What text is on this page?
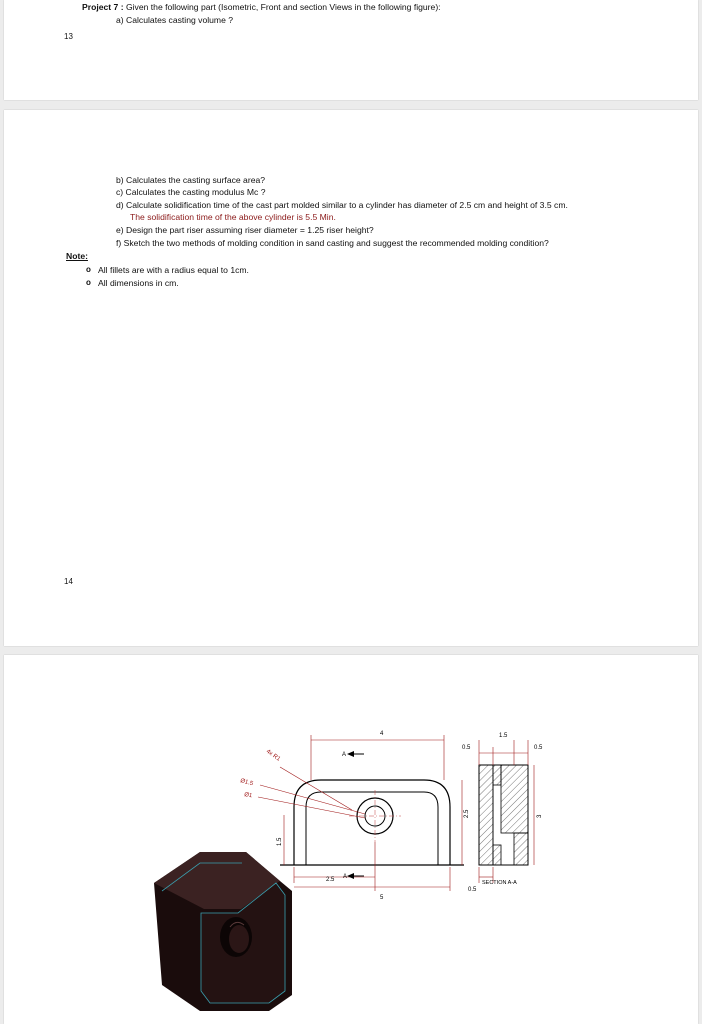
Project 7 : Given the following part (Isometric, Front and section Views in the following figure):
a) Calculates casting volume ?
13
b) Calculates the casting surface area?
c) Calculates the casting modulus Mc ?
d) Calculate solidification time of the cast part molded similar to a cylinder has diameter of 2.5 cm and height of 3.5 cm.
The solidification time of the above cylinder is 5.5 Min.
e) Design the part riser assuming riser diameter = 1.25 riser height?
f) Sketch the two methods of molding condition in sand casting and suggest the recommended molding condition?
Note:
o All fillets are with a radius equal to 1cm.
o All dimensions in cm.
14
4
4x R1
Ø1.5
Ø1
A
2.5
1.5
2.5 A
5
1.5
0.5	0.5
3
0.5
SECTION A-A
